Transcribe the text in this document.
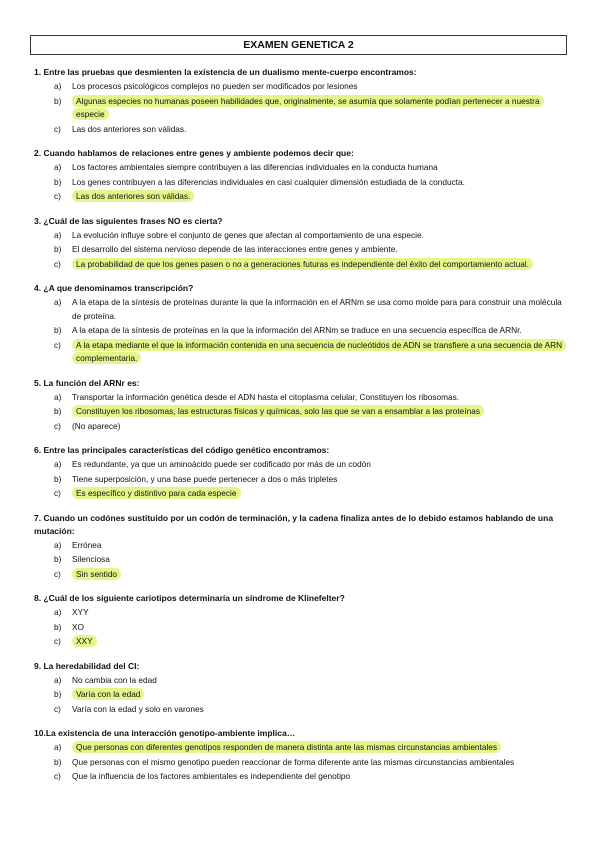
EXAMEN GENETICA 2
1. Entre las pruebas que desmienten la existencia de un dualismo mente-cuerpo encontramos:
a) Los procesos psicológicos complejos no pueden ser modificados por lesiones
b) Algunas especies no humanas poseen habilidades que, originalmente, se asumía que solamente podían pertenecer a nuestra especie
c) Las dos anteriores son válidas.
2. Cuando hablamos de relaciones entre genes y ambiente podemos decir que:
a) Los factores ambientales siempre contribuyen a las diferencias individuales en la conducta humana
b) Los genes contribuyen a las diferencias individuales en casi cualquier dimensión estudiada de la conducta.
c) Las dos anteriores son válidas.
3. ¿Cuál de las siguientes frases NO es cierta?
a) La evolución influye sobre el conjunto de genes que afectan al comportamiento de una especie.
b) El desarrollo del sistema nervioso depende de las interacciones entre genes y ambiente.
c) La probabilidad de que los genes pasen o no a generaciones futuras es independiente del éxito del comportamiento actual.
4. ¿A que denominamos transcripción?
a) A la etapa de la síntesis de proteínas durante la que la información en el ARNm se usa como molde para para construir una molécula de proteína.
b) A la etapa de la síntesis de proteínas en la que la información del ARNm se traduce en una secuencia específica de ARNr.
c) A la etapa mediante el que la información contenida en una secuencia de nucleótidos de ADN se transfiere a una secuencia de ARN complementaria.
5. La función del ARNr es:
a) Transportar la información genética desde el ADN hasta el citoplasma celular, Constituyen los ribosomas.
b) Constituyen los ribosomas, las estructuras físicas y químicas, solo las que se van a ensamblar a las proteínas
c) (No aparece)
6. Entre las principales características del código genético encontramos:
a) Es redundante, ya que un aminoácido puede ser codificado por más de un codón
b) Tiene superposición, y una base puede pertenecer a dos o más tripletes
c) Es específico y distintivo para cada especie
7. Cuando un codónes sustituido por un codón de terminación, y la cadena finaliza antes de lo debido estamos hablando de una mutación:
a) Errónea
b) Silenciosa
c) Sin sentido
8. ¿Cuál de los siguiente cariotipos determinaría un síndrome de Klinefelter?
a) XYY
b) XO
c) XXY
9. La heredabilidad del CI:
a) No cambia con la edad
b) Varía con la edad
c) Varía con la edad y solo en varones
10.La existencia de una interacción genotipo-ambiente implica…
a) Que personas con diferentes genotipos responden de manera distinta ante las mismas circunstancias ambientales
b) Que personas con el mismo genotipo pueden reaccionar de forma diferente ante las mismas circunstancias ambientales
c) Que la influencia de los factores ambientales es independiente del genotipo
